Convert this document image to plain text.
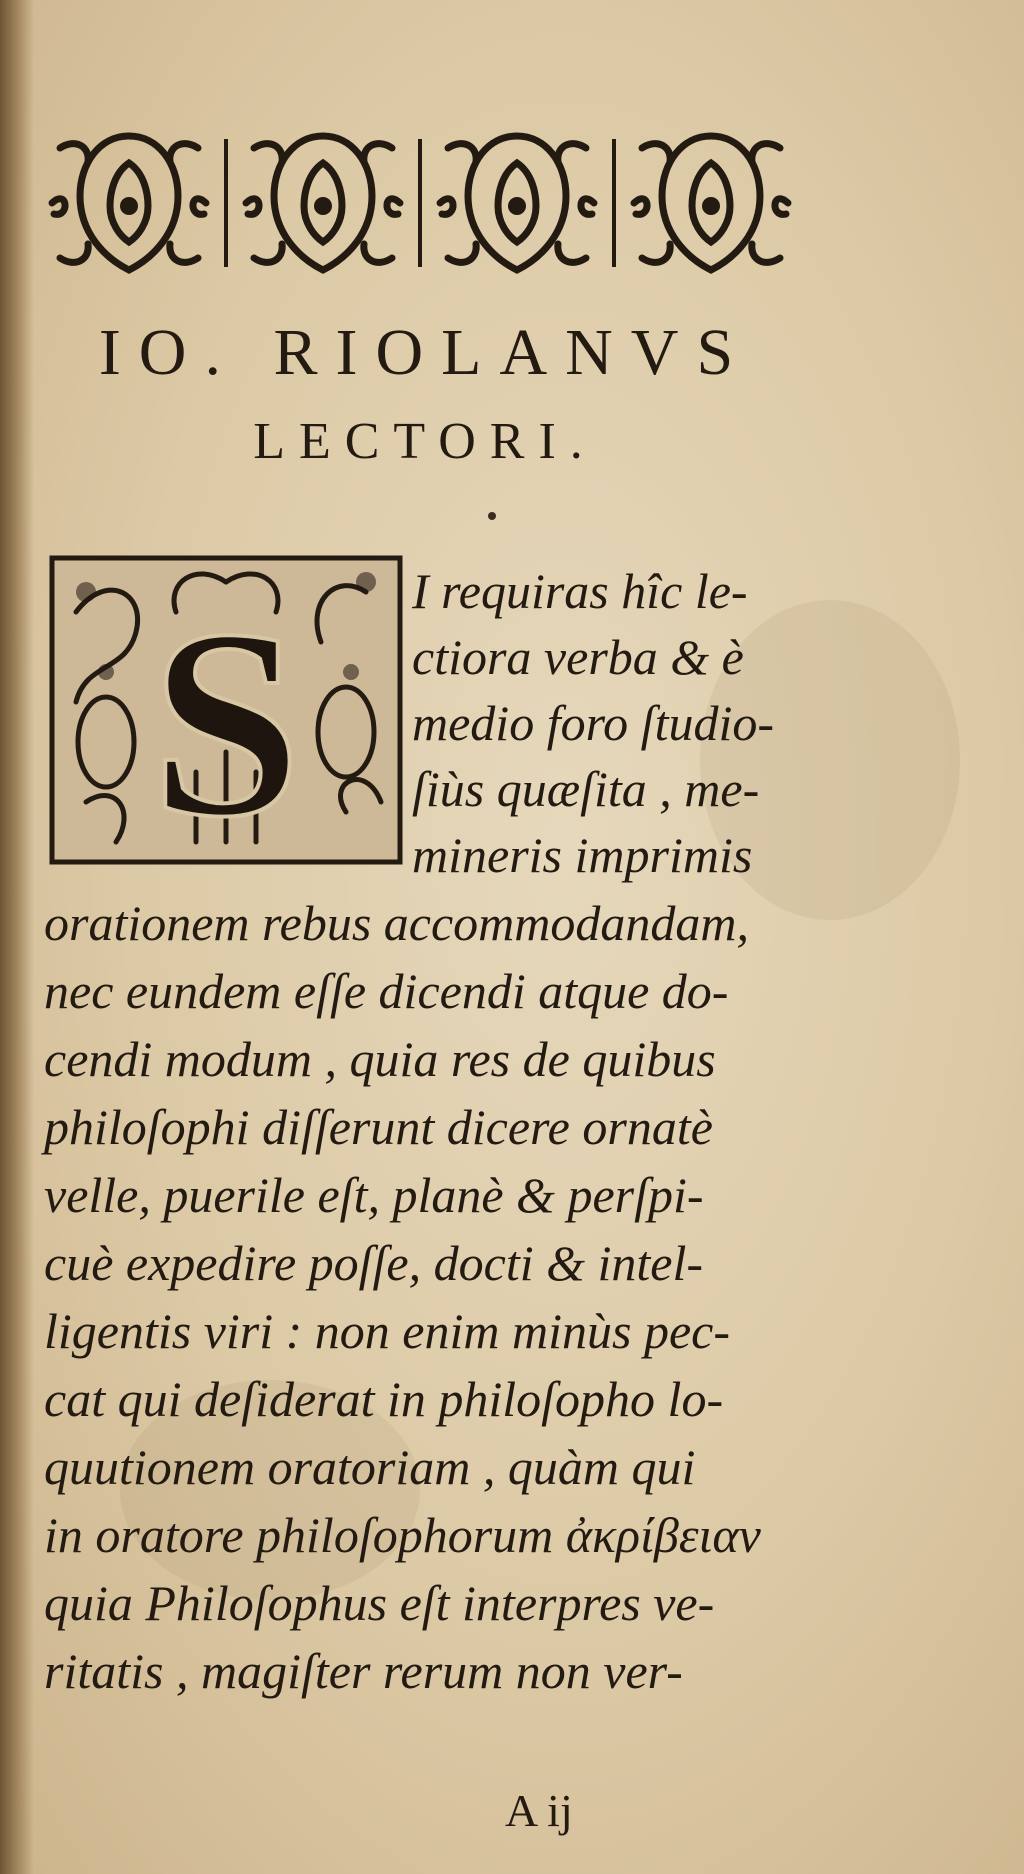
IO. RIOLANVS
LECTORI.
S I requiras hîc le-
ctiora verba & è
medio foro ſtudio-
ſiùs quæſita , me-
mineris imprimis
orationem rebus accommodandam,
nec eundem eſſe dicendi atque do-
cendi modum , quia res de quibus
philoſophi diſſerunt dicere ornatè
velle, puerile eſt, planè & perſpi-
cuè expedire poſſe, docti & intel-
ligentis viri : non enim minùs pec-
cat qui deſiderat in philoſopho lo-
quutionem oratoriam , quàm qui
in oratore philoſophorum ἀκρίβειαν
quia Philoſophus eſt interpres ve-
ritatis , magiſter rerum non ver-
A ij
